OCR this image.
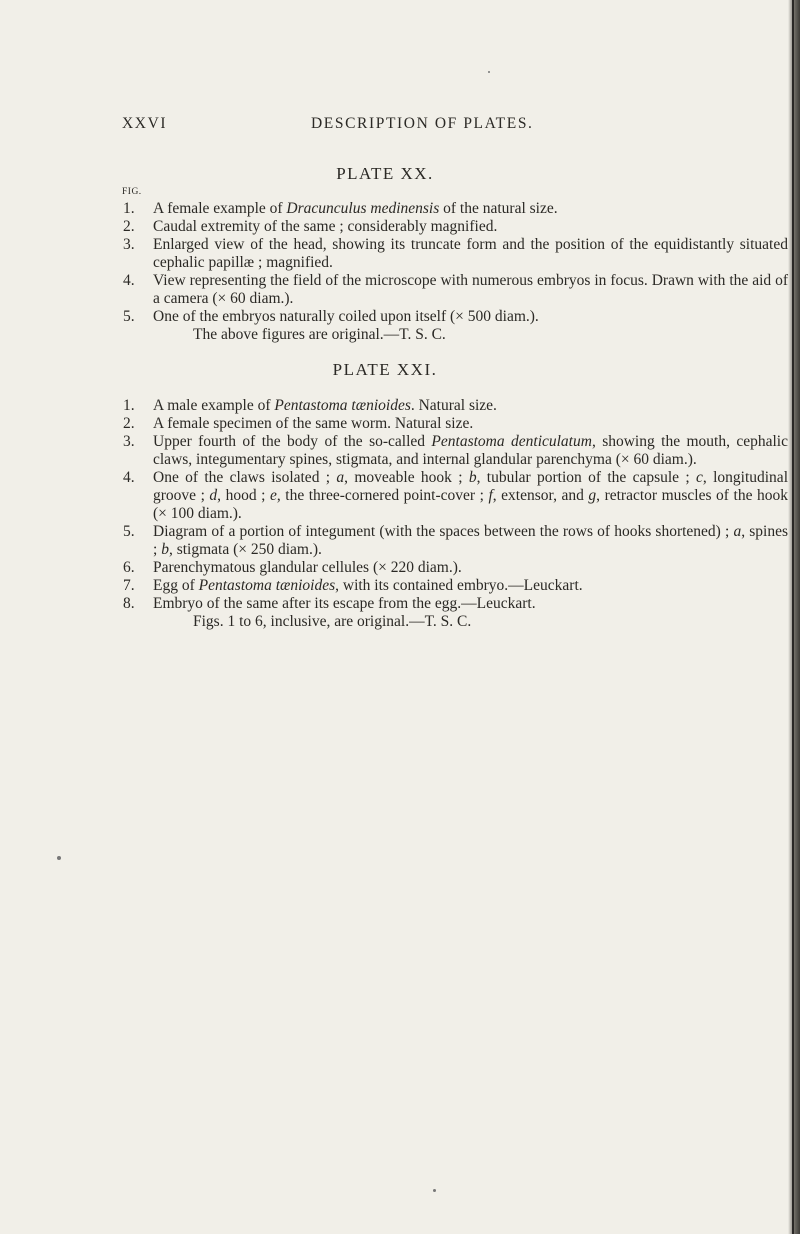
XXVI	DESCRIPTION OF PLATES.
PLATE XX.
FIG.
1. A female example of Dracunculus medinensis of the natural size.
2. Caudal extremity of the same ; considerably magnified.
3. Enlarged view of the head, showing its truncate form and the position of the equidistantly situated cephalic papillæ ; magnified.
4. View representing the field of the microscope with numerous embryos in focus. Drawn with the aid of a camera (× 60 diam.).
5. One of the embryos naturally coiled upon itself (× 500 diam.).
The above figures are original.—T. S. C.
PLATE XXI.
1. A male example of Pentastoma tænioides. Natural size.
2. A female specimen of the same worm. Natural size.
3. Upper fourth of the body of the so-called Pentastoma denticulatum, showing the mouth, cephalic claws, integumentary spines, stigmata, and internal glandular parenchyma (× 60 diam.).
4. One of the claws isolated ; a, moveable hook ; b, tubular portion of the capsule ; c, longitudinal groove ; d, hood ; e, the three-cornered point-cover ; f, extensor, and g, retractor muscles of the hook (× 100 diam.).
5. Diagram of a portion of integument (with the spaces between the rows of hooks shortened) ; a, spines ; b, stigmata (× 250 diam.).
6. Parenchymatous glandular cellules (× 220 diam.).
7. Egg of Pentastoma tænioides, with its contained embryo.—Leuckart.
8. Embryo of the same after its escape from the egg.—Leuckart.
Figs. 1 to 6, inclusive, are original.—T. S. C.
